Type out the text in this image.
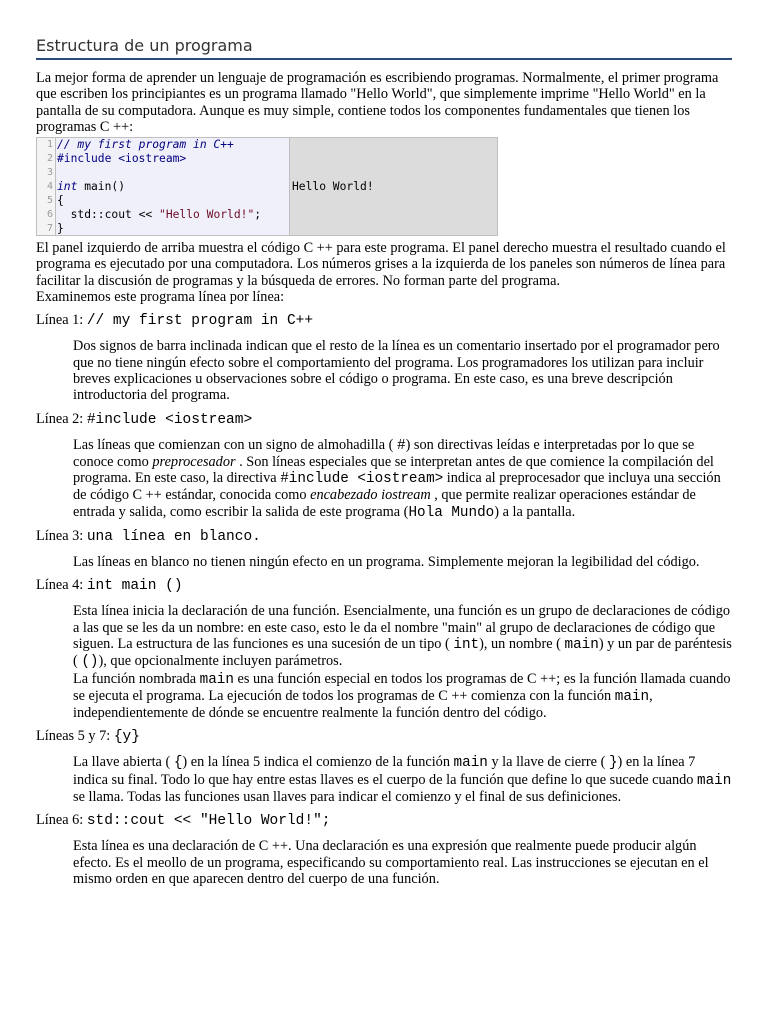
Estructura de un programa

La mejor forma de aprender un lenguaje de programación es escribiendo programas. Normalmente, el primer programa que escriben los principiantes es un programa llamado "Hello World", que simplemente imprime "Hello World" en la pantalla de su computadora. Aunque es muy simple, contiene todos los componentes fundamentales que tienen los programas C ++:

1
2
3
4
5
6
7
// my first program in C++
#include <iostream>
int main()
{
std::cout << "Hello World!";
}
Hello World!

El panel izquierdo de arriba muestra el código C ++ para este programa. El panel derecho muestra el resultado cuando el programa es ejecutado por una computadora. Los números grises a la izquierda de los paneles son números de línea para facilitar la discusión de programas y la búsqueda de errores. No forman parte del programa.

Examinemos este programa línea por línea:

Línea 1: // my first program in C++

Dos signos de barra inclinada indican que el resto de la línea es un comentario insertado por el programador pero que no tiene ningún efecto sobre el comportamiento del programa. Los programadores los utilizan para incluir breves explicaciones u observaciones sobre el código o programa. En este caso, es una breve descripción introductoria del programa.

Línea 2: #include <iostream>

Las líneas que comienzan con un signo de almohadilla ( #) son directivas leídas e interpretadas por lo que se conoce como preprocesador . Son líneas especiales que se interpretan antes de que comience la compilación del programa. En este caso, la directiva #include <iostream> indica al preprocesador que incluya una sección de código C ++ estándar, conocida como encabezado iostream , que permite realizar operaciones estándar de entrada y salida, como escribir la salida de este programa (Hola Mundo) a la pantalla.

Línea 3: una línea en blanco.

Las líneas en blanco no tienen ningún efecto en un programa. Simplemente mejoran la legibilidad del código.

Línea 4: int main ()

Esta línea inicia la declaración de una función. Esencialmente, una función es un grupo de declaraciones de código a las que se les da un nombre: en este caso, esto le da el nombre "main" al grupo de declaraciones de código que siguen. La estructura de las funciones es una sucesión de un tipo ( int), un nombre ( main) y un par de paréntesis ( ()), que opcionalmente incluyen parámetros.

La función nombrada main es una función especial en todos los programas de C ++; es la función llamada cuando se ejecuta el programa. La ejecución de todos los programas de C ++ comienza con la función main, independientemente de dónde se encuentre realmente la función dentro del código.

Líneas 5 y 7: {y}

La llave abierta ( {) en la línea 5 indica el comienzo de la función main y la llave de cierre ( }) en la línea 7 indica su final. Todo lo que hay entre estas llaves es el cuerpo de la función que define lo que sucede cuando main se llama. Todas las funciones usan llaves para indicar el comienzo y el final de sus definiciones.

Línea 6: std::cout << "Hello World!";

Esta línea es una declaración de C ++. Una declaración es una expresión que realmente puede producir algún efecto. Es el meollo de un programa, especificando su comportamiento real. Las instrucciones se ejecutan en el mismo orden en que aparecen dentro del cuerpo de una función.
